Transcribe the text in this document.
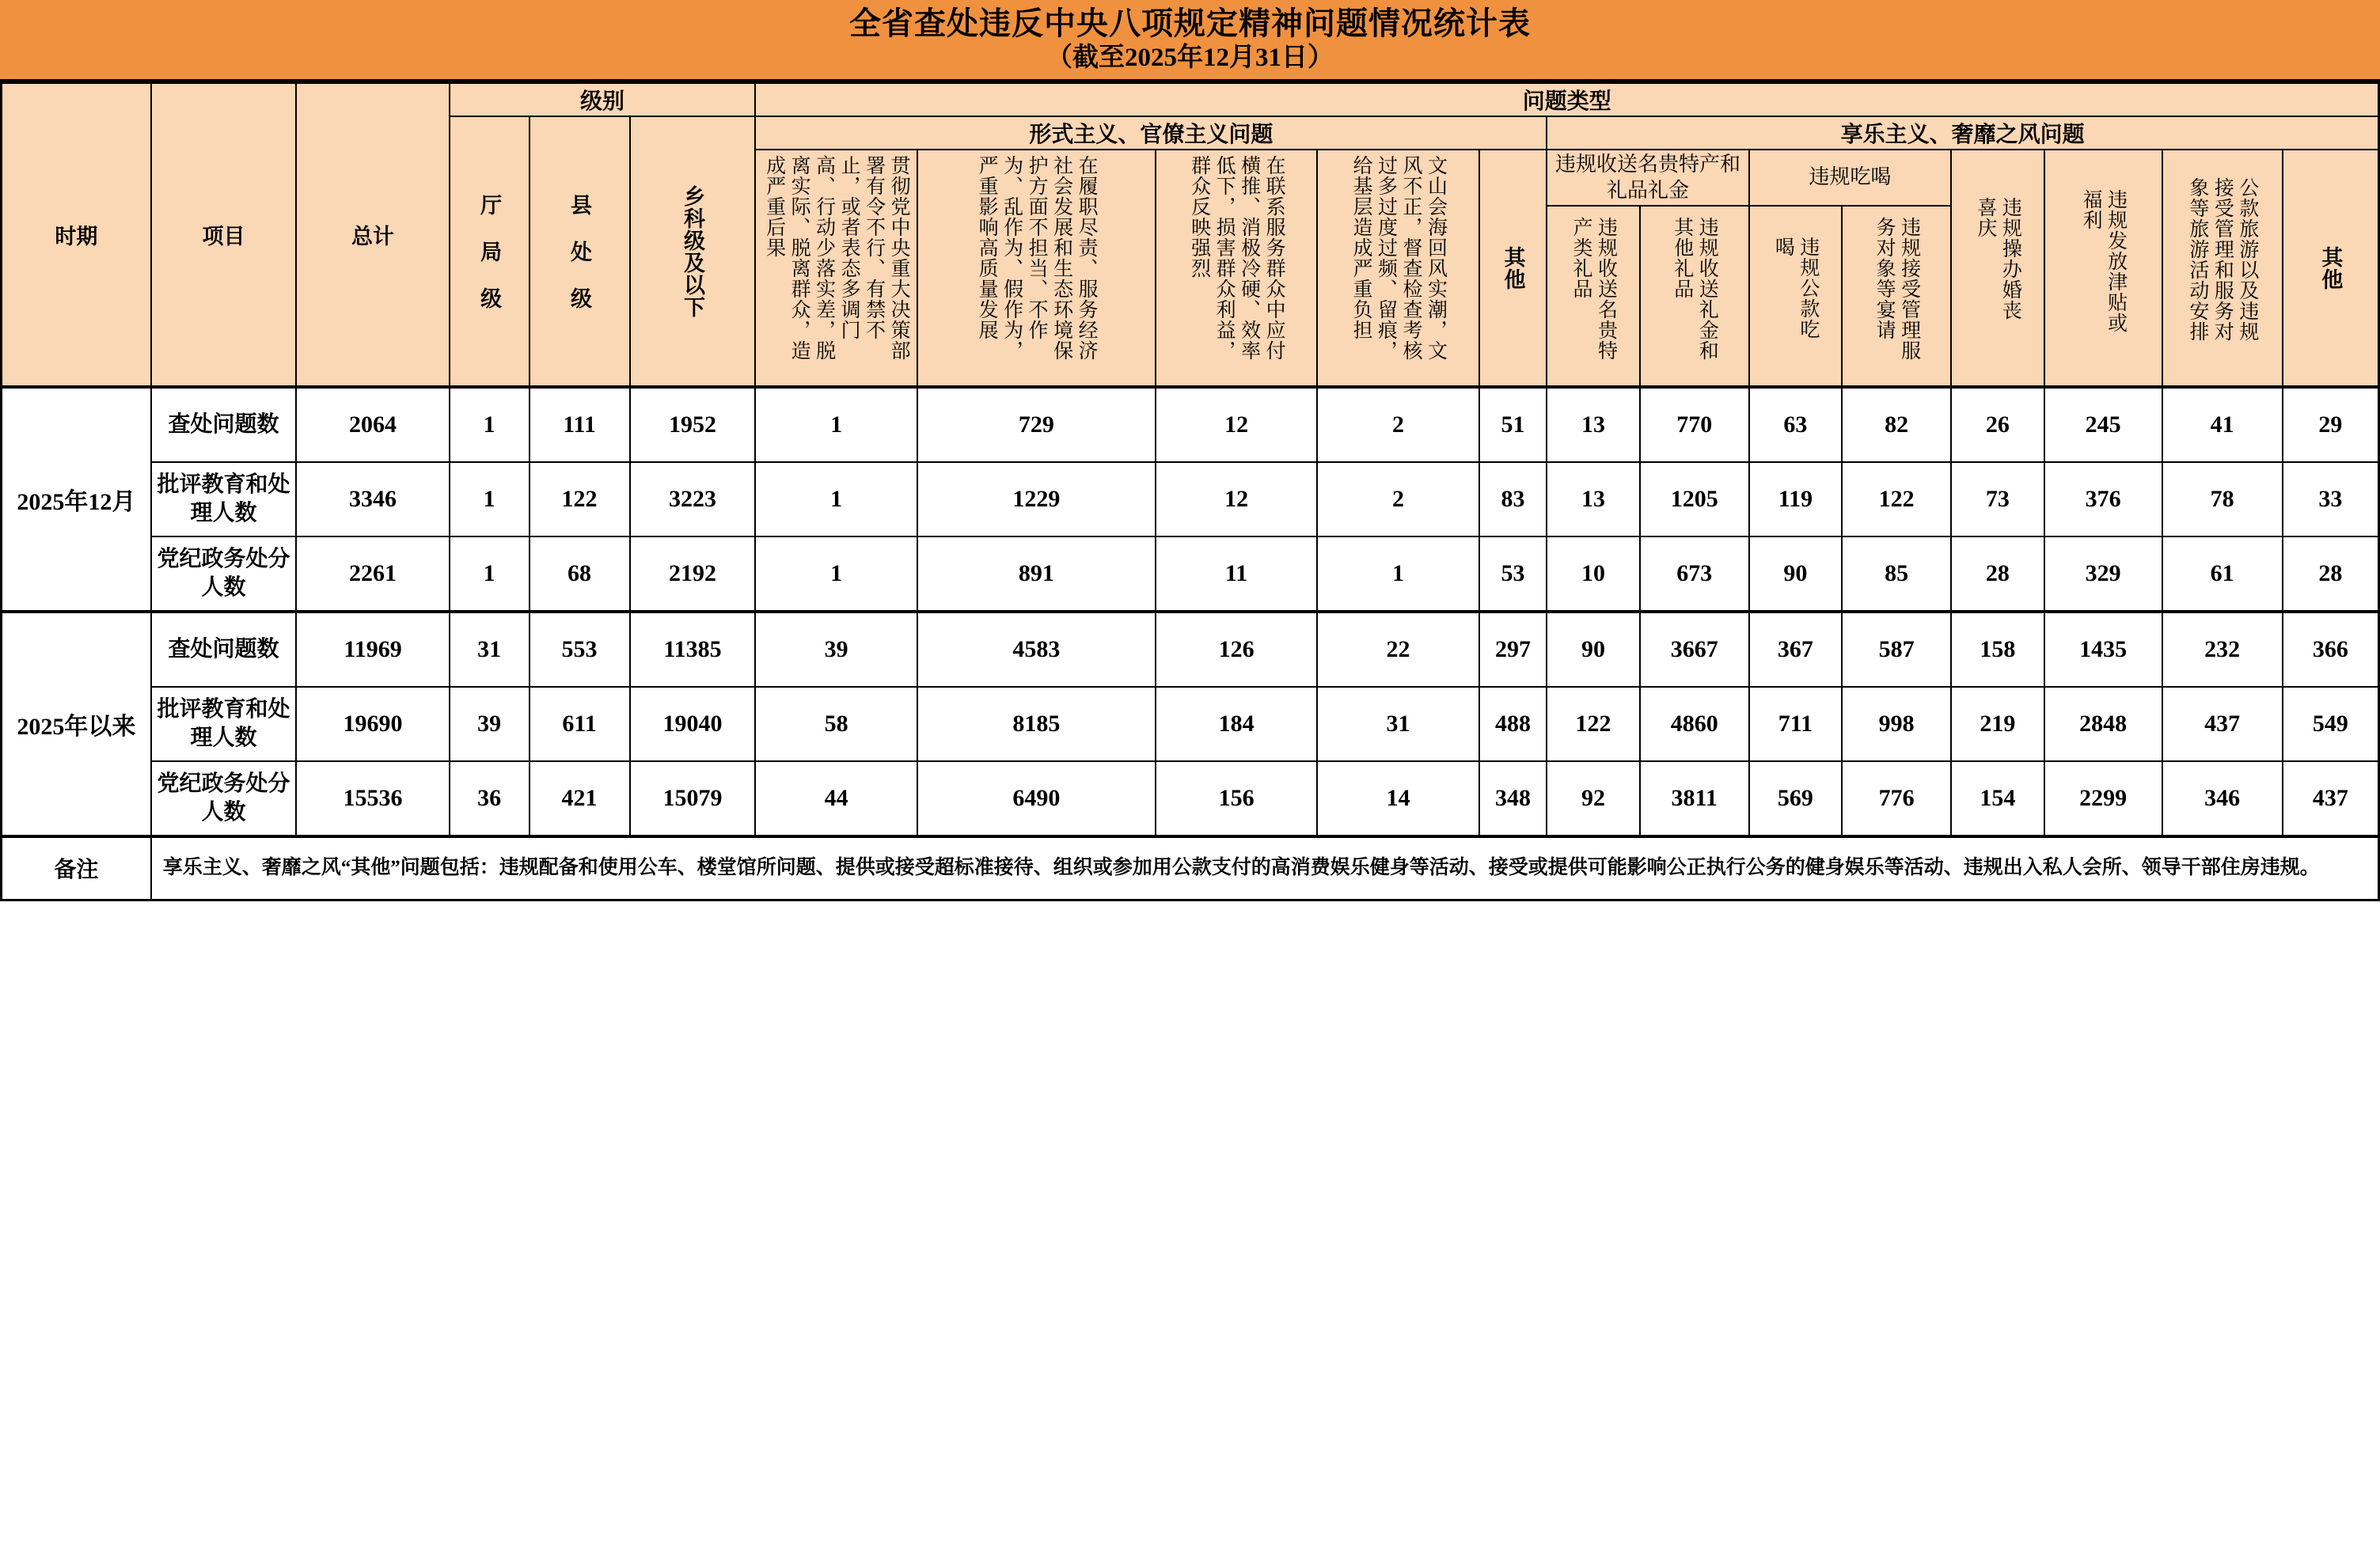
全省查处违反中央八项规定精神问题情况统计表
（截至2025年12月31日）
时期	项目	总计	级别			问题类型												

			厅 局 级	县 处 级	乡科级及以下	形式主义、官僚主义问题					享乐主义、奢靡之风问题							

						贯彻党中央重大决策部署有令不行、有禁不止，或者表态多调门高、行动少落实差，脱离实际、脱离群众，造成严重后果	在履职尽责、服务经济社会发展和生态环境保护方面不担当、不作为、乱作为、假作为，严重影响高质量发展	在联系服务群众中应付横推、消极冷硬、效率低下，损害群众利益，群众反映强烈	文山会海回风实潮，文风不正，督查检查考核过多过度过频、留痕，给基层造成严重负担	其他	违规收送名贵特产和礼品礼金		违规吃喝		违规操办婚丧喜庆	违规发放津贴或福利	公款旅游以及违规接受管理和服务对象等旅游活动安排	其他

											违规收送名贵特产类礼品	违规收送礼金和其他礼品	违规公款吃喝	违规接受管理服务对象等宴请				

2025年12月	查处问题数	2064	1	111	1952	1	729	12	2	51	13	770	63	82	26	245	41	29
	批评教育和处理人数	3346	1	122	3223	1	1229	12	2	83	13	1205	119	122	73	376	78	33
	党纪政务处分人数	2261	1	68	2192	1	891	11	1	53	10	673	90	85	28	329	61	28
2025年以来	查处问题数	11969	31	553	11385	39	4583	126	22	297	90	3667	367	587	158	1435	232	366
	批评教育和处理人数	19690	39	611	19040	58	8185	184	31	488	122	4860	711	998	219	2848	437	549
	党纪政务处分人数	15536	36	421	15079	44	6490	156	14	348	92	3811	569	776	154	2299	346	437
备注	享乐主义、奢靡之风“其他”问题包括：违规配备和使用公车、楼堂馆所问题、提供或接受超标准接待、组织或参加用公款支付的高消费娱乐健身等活动、接受或提供可能影响公正执行公务的健身娱乐等活动、违规出入私人会所、领导干部住房违规。																	
